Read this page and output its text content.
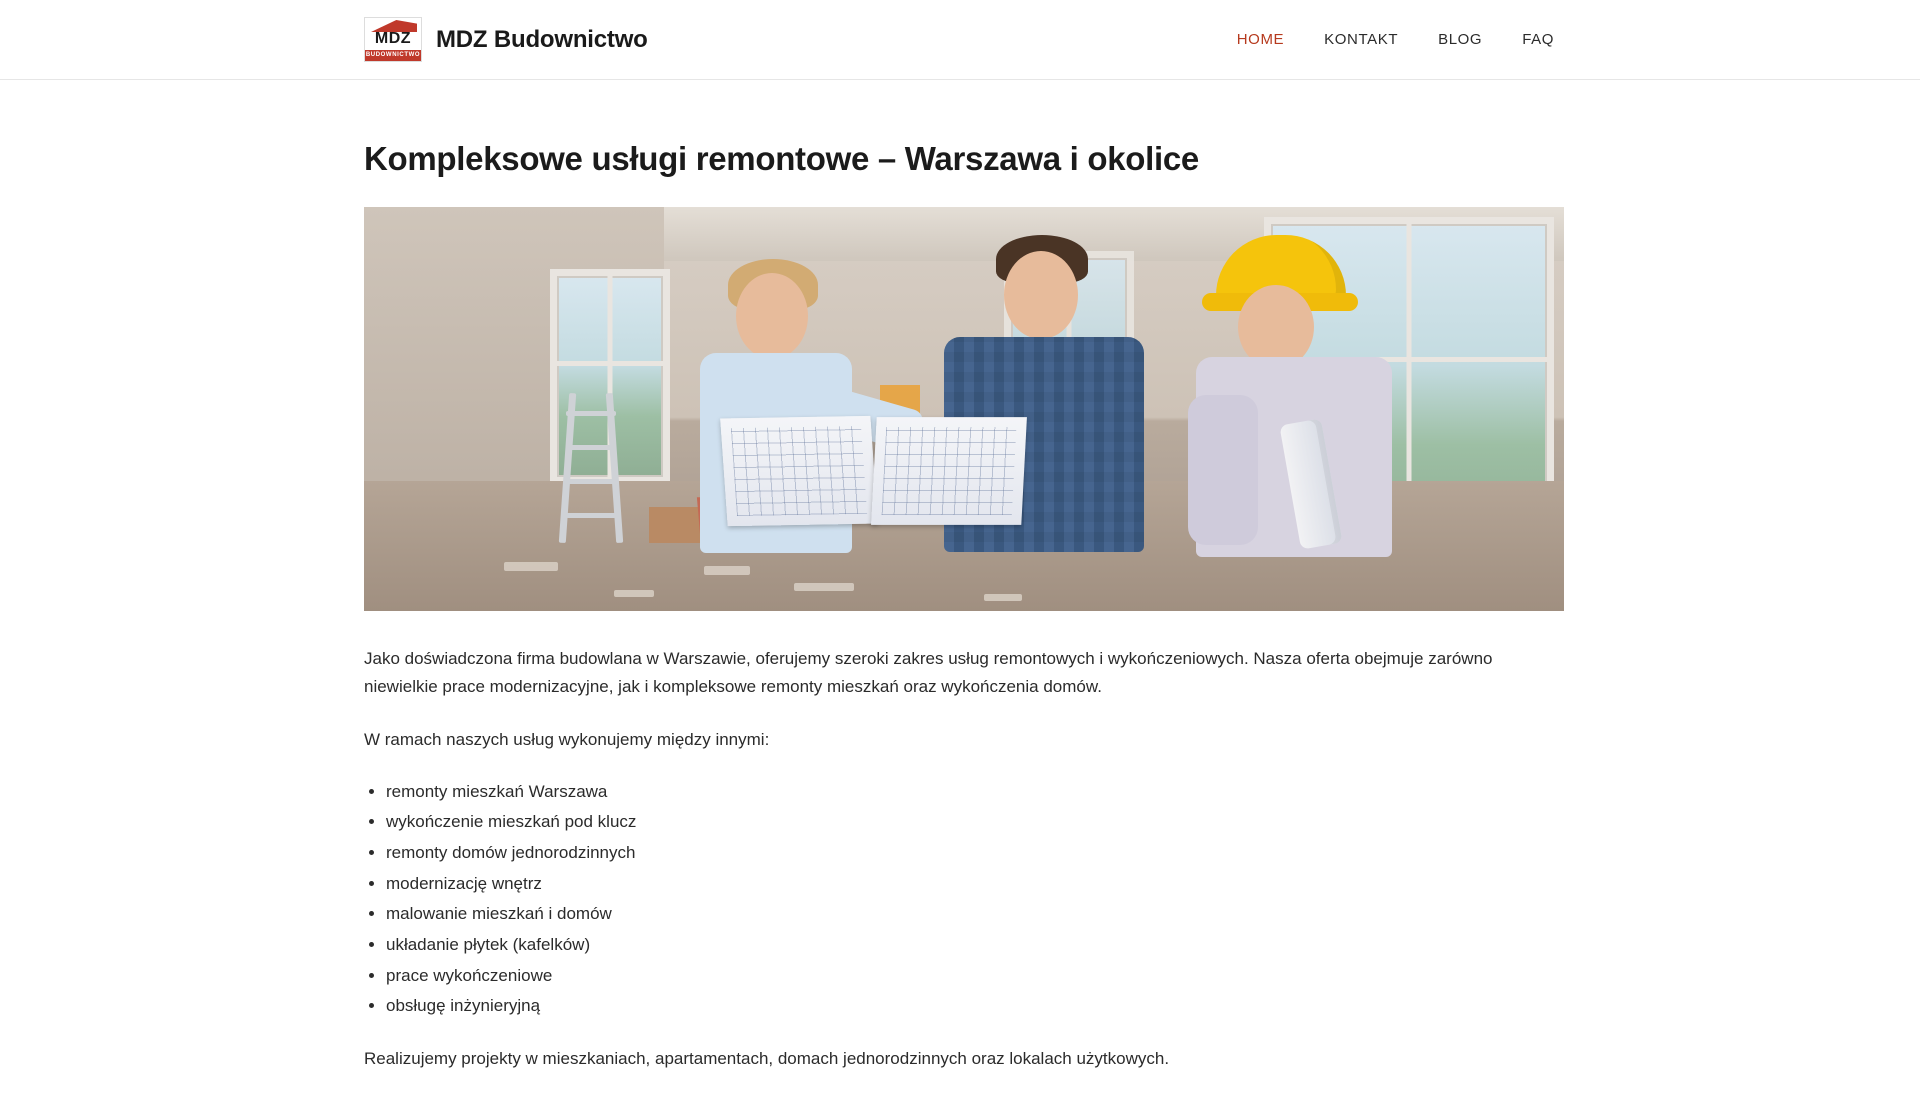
MDZ
BUDOWNICTWO
MDZ Budownictwo	HOME	KONTAKT	BLOG	FAQ
Kompleksowe usługi remontowe – Warszawa i okolice

Jako doświadczona firma budowlana w Warszawie, oferujemy szeroki zakres usług remontowych i wykończeniowych. Nasza oferta obejmuje zarówno niewielkie prace modernizacyjne, jak i kompleksowe remonty mieszkań oraz wykończenia domów.

W ramach naszych usług wykonujemy między innymi:

• remonty mieszkań Warszawa
• wykończenie mieszkań pod klucz
• remonty domów jednorodzinnych
• modernizację wnętrz
• malowanie mieszkań i domów
• układanie płytek (kafelków)
• prace wykończeniowe
• obsługę inżynieryjną

Realizujemy projekty w mieszkaniach, apartamentach, domach jednorodzinnych oraz lokalach użytkowych.
